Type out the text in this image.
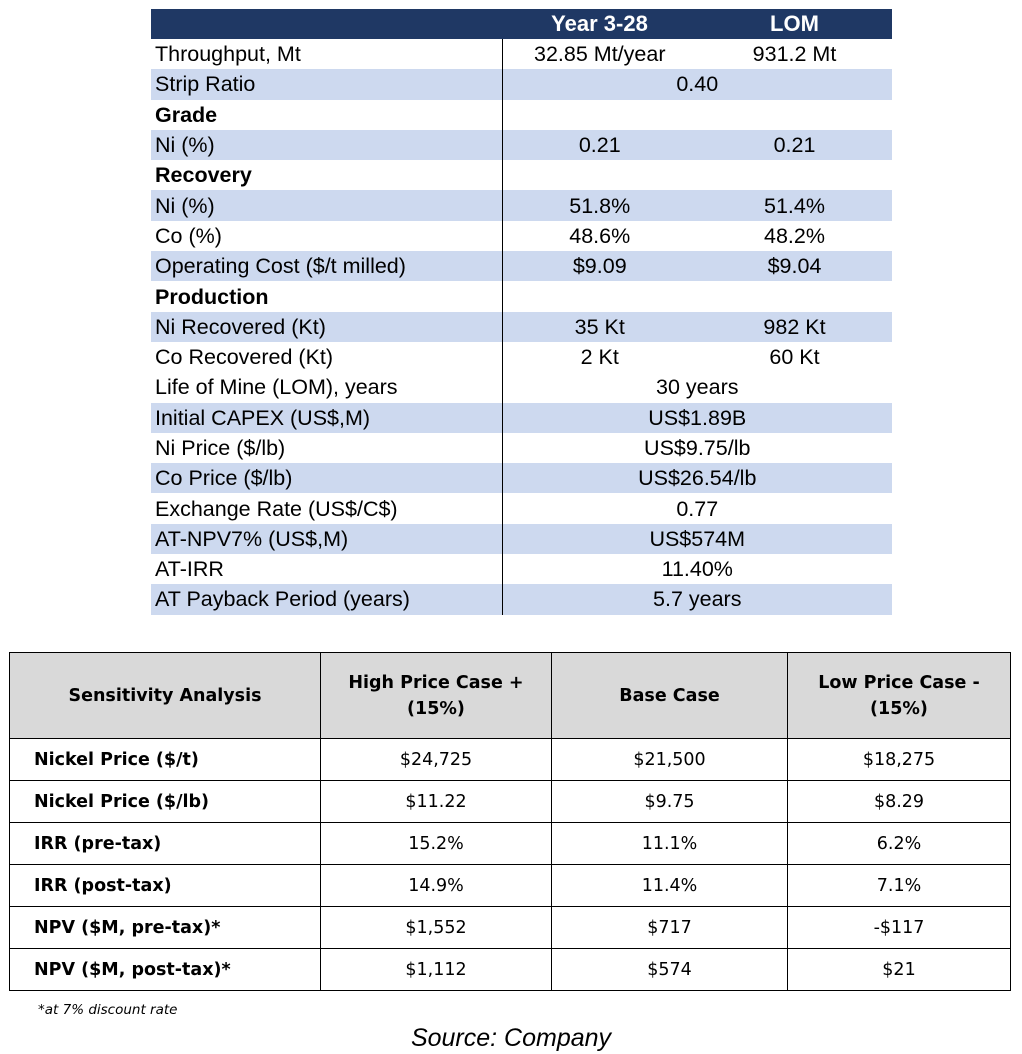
	Year 3-28	LOM
Throughput, Mt	32.85 Mt/year	931.2 Mt
Strip Ratio	0.40	
Grade		
Ni (%)	0.21	0.21
Recovery		
Ni (%)	51.8%	51.4%
Co (%)	48.6%	48.2%
Operating Cost ($/t milled)	$9.09	$9.04
Production		
Ni Recovered (Kt)	35 Kt	982 Kt
Co Recovered (Kt)	2 Kt	60 Kt
Life of Mine (LOM), years	30 years	
Initial CAPEX (US$,M)	US$1.89B	
Ni Price ($/lb)	US$9.75/lb	
Co Price ($/lb)	US$26.54/lb	
Exchange Rate (US$/C$)	0.77	
AT-NPV7% (US$,M)	US$574M	
AT-IRR	11.40%	
AT Payback Period (years)	5.7 years	
Sensitivity Analysis	High Price Case +(15%)	Base Case	Low Price Case -(15%)
Nickel Price ($/t)	$24,725	$21,500	$18,275
Nickel Price ($/lb)	$11.22	$9.75	$8.29
IRR (pre-tax)	15.2%	11.1%	6.2%
IRR (post-tax)	14.9%	11.4%	7.1%
NPV ($M, pre-tax)*	$1,552	$717	-$117
NPV ($M, post-tax)*	$1,112	$574	$21
*at 7% discount rate
Source: Company
